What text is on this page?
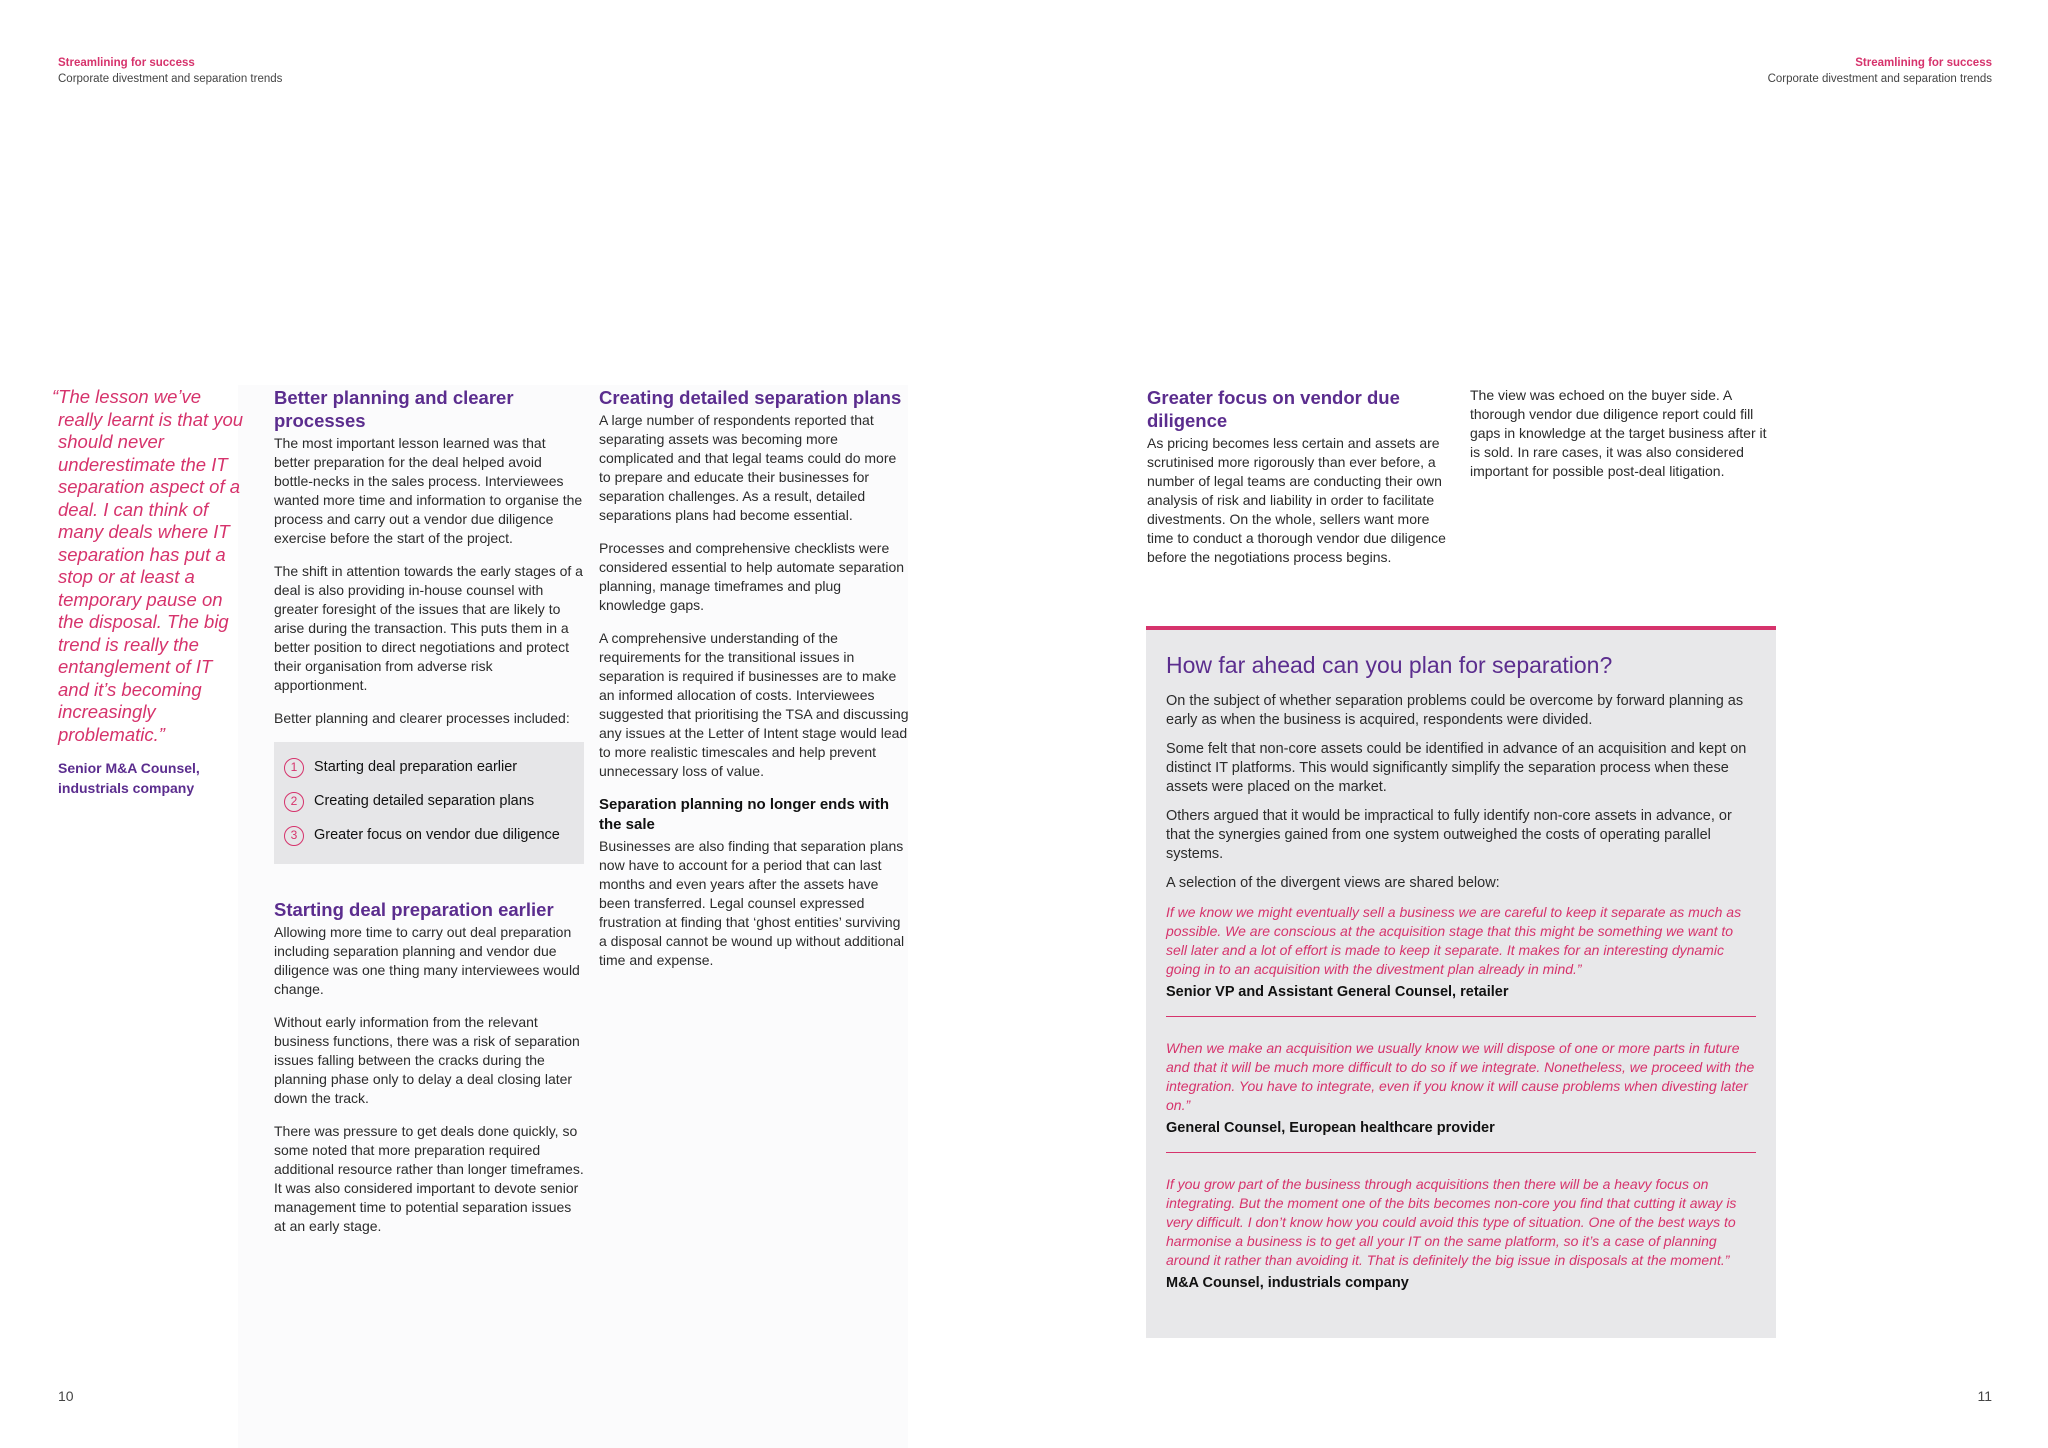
Streamlining for success
Corporate divestment and separation trends
Streamlining for success
Corporate divestment and separation trends
“The lesson we’ve really learnt is that you should never underestimate the IT separation aspect of a deal. I can think of many deals where IT separation has put a stop or at least a temporary pause on the disposal. The big trend is really the entanglement of IT and it’s becoming increasingly problematic.”
Senior M&A Counsel, industrials company
Better planning and clearer processes

The most important lesson learned was that better preparation for the deal helped avoid bottle-necks in the sales process. Interviewees wanted more time and information to organise the process and carry out a vendor due diligence exercise before the start of the project.

The shift in attention towards the early stages of a deal is also providing in-house counsel with greater foresight of the issues that are likely to arise during the transaction. This puts them in a better position to direct negotiations and protect their organisation from adverse risk apportionment.

Better planning and clearer processes included:

1	Starting deal preparation earlier
2	Creating detailed separation plans
3	Greater focus on vendor due diligence
Starting deal preparation earlier

Allowing more time to carry out deal preparation including separation planning and vendor due diligence was one thing many interviewees would change.

Without early information from the relevant business functions, there was a risk of separation issues falling between the cracks during the planning phase only to delay a deal closing later down the track.

There was pressure to get deals done quickly, so some noted that more preparation required additional resource rather than longer timeframes. It was also considered important to devote senior management time to potential separation issues at an early stage.

Creating detailed separation plans

A large number of respondents reported that separating assets was becoming more complicated and that legal teams could do more to prepare and educate their businesses for separation challenges. As a result, detailed separations plans had become essential.

Processes and comprehensive checklists were considered essential to help automate separation planning, manage timeframes and plug knowledge gaps.

A comprehensive understanding of the requirements for the transitional issues in separation is required if businesses are to make an informed allocation of costs. Interviewees suggested that prioritising the TSA and discussing any issues at the Letter of Intent stage would lead to more realistic timescales and help prevent unnecessary loss of value.

Separation planning no longer ends with the sale

Businesses are also finding that separation plans now have to account for a period that can last months and even years after the assets have been transferred. Legal counsel expressed frustration at finding that ‘ghost entities’ surviving a disposal cannot be wound up without additional time and expense.

Greater focus on vendor due diligence

As pricing becomes less certain and assets are scrutinised more rigorously than ever before, a number of legal teams are conducting their own analysis of risk and liability in order to facilitate divestments. On the whole, sellers want more time to conduct a thorough vendor due diligence before the negotiations process begins.

The view was echoed on the buyer side. A thorough vendor due diligence report could fill gaps in knowledge at the target business after it is sold. In rare cases, it was also considered important for possible post-deal litigation.

How far ahead can you plan for separation?

On the subject of whether separation problems could be overcome by forward planning as early as when the business is acquired, respondents were divided.

Some felt that non-core assets could be identified in advance of an acquisition and kept on distinct IT platforms. This would significantly simplify the separation process when these assets were placed on the market.

Others argued that it would be impractical to fully identify non-core assets in advance, or that the synergies gained from one system outweighed the costs of operating parallel systems.

A selection of the divergent views are shared below:

If we know we might eventually sell a business we are careful to keep it separate as much as possible. We are conscious at the acquisition stage that this might be something we want to sell later and a lot of effort is made to keep it separate. It makes for an interesting dynamic going in to an acquisition with the divestment plan already in mind.”
Senior VP and Assistant General Counsel, retailer
When we make an acquisition we usually know we will dispose of one or more parts in future and that it will be much more difficult to do so if we integrate. Nonetheless, we proceed with the integration. You have to integrate, even if you know it will cause problems when divesting later on.”
General Counsel, European healthcare provider
If you grow part of the business through acquisitions then there will be a heavy focus on integrating. But the moment one of the bits becomes non-core you find that cutting it away is very difficult. I don’t know how you could avoid this type of situation. One of the best ways to harmonise a business is to get all your IT on the same platform, so it’s a case of planning around it rather than avoiding it. That is definitely the big issue in disposals at the moment.”
M&A Counsel, industrials company
10	11
